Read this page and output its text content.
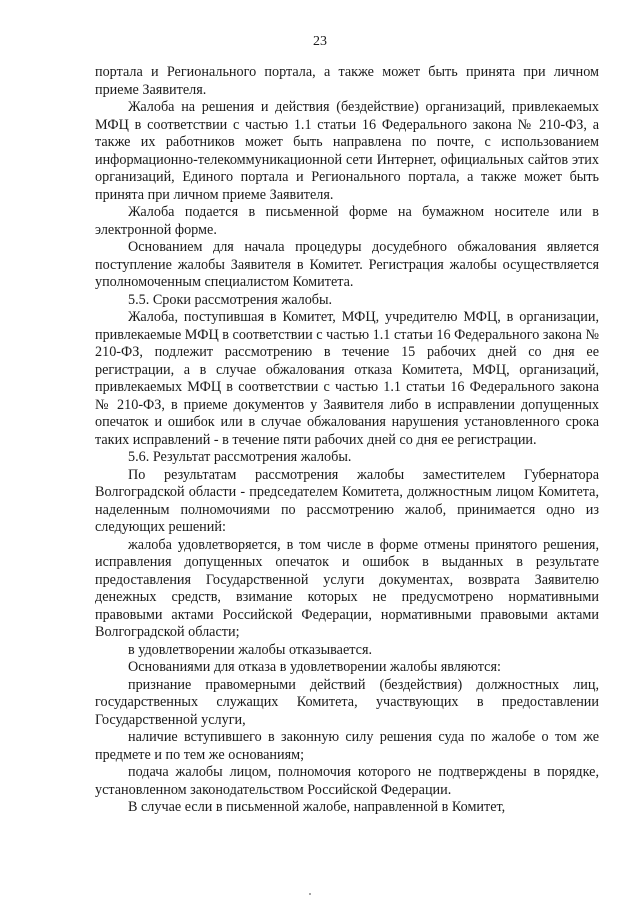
23

портала и Регионального портала, а также может быть принята при личном приеме Заявителя.

Жалоба на решения и действия (бездействие) организаций, привлекаемых МФЦ в соответствии с частью 1.1 статьи 16 Федерального закона № 210-ФЗ, а также их работников может быть направлена по почте, с использованием информационно-телекоммуникационной сети Интернет, официальных сайтов этих организаций, Единого портала и Регионального портала, а также может быть принята при личном приеме Заявителя.

Жалоба подается в письменной форме на бумажном носителе или в электронной форме.

Основанием для начала процедуры досудебного обжалования является поступление жалобы Заявителя в Комитет. Регистрация жалобы осуществляется уполномоченным специалистом Комитета.

5.5. Сроки рассмотрения жалобы.

Жалоба, поступившая в Комитет, МФЦ, учредителю МФЦ, в организации, привлекаемые МФЦ в соответствии с частью 1.1 статьи 16 Федерального закона № 210-ФЗ, подлежит рассмотрению в течение 15 рабочих дней со дня ее регистрации, а в случае обжалования отказа Комитета, МФЦ, организаций, привлекаемых МФЦ в соответствии с частью 1.1 статьи 16 Федерального закона № 210-ФЗ, в приеме документов у Заявителя либо в исправлении допущенных опечаток и ошибок или в случае обжалования нарушения установленного срока таких исправлений - в течение пяти рабочих дней со дня ее регистрации.

5.6. Результат рассмотрения жалобы.

По результатам рассмотрения жалобы заместителем Губернатора Волгоградской области - председателем Комитета, должностным лицом Комитета, наделенным полномочиями по рассмотрению жалоб, принимается одно из следующих решений:

жалоба удовлетворяется, в том числе в форме отмены принятого решения, исправления допущенных опечаток и ошибок в выданных в результате предоставления Государственной услуги документах, возврата Заявителю денежных средств, взимание которых не предусмотрено нормативными правовыми актами Российской Федерации, нормативными правовыми актами Волгоградской области;

в удовлетворении жалобы отказывается.

Основаниями для отказа в удовлетворении жалобы являются:

признание правомерными действий (бездействия) должностных лиц, государственных служащих Комитета, участвующих в предоставлении Государственной услуги,

наличие вступившего в законную силу решения суда по жалобе о том же предмете и по тем же основаниям;

подача жалобы лицом, полномочия которого не подтверждены в порядке, установленном законодательством Российской Федерации.

В случае если в письменной жалобе, направленной в Комитет,
